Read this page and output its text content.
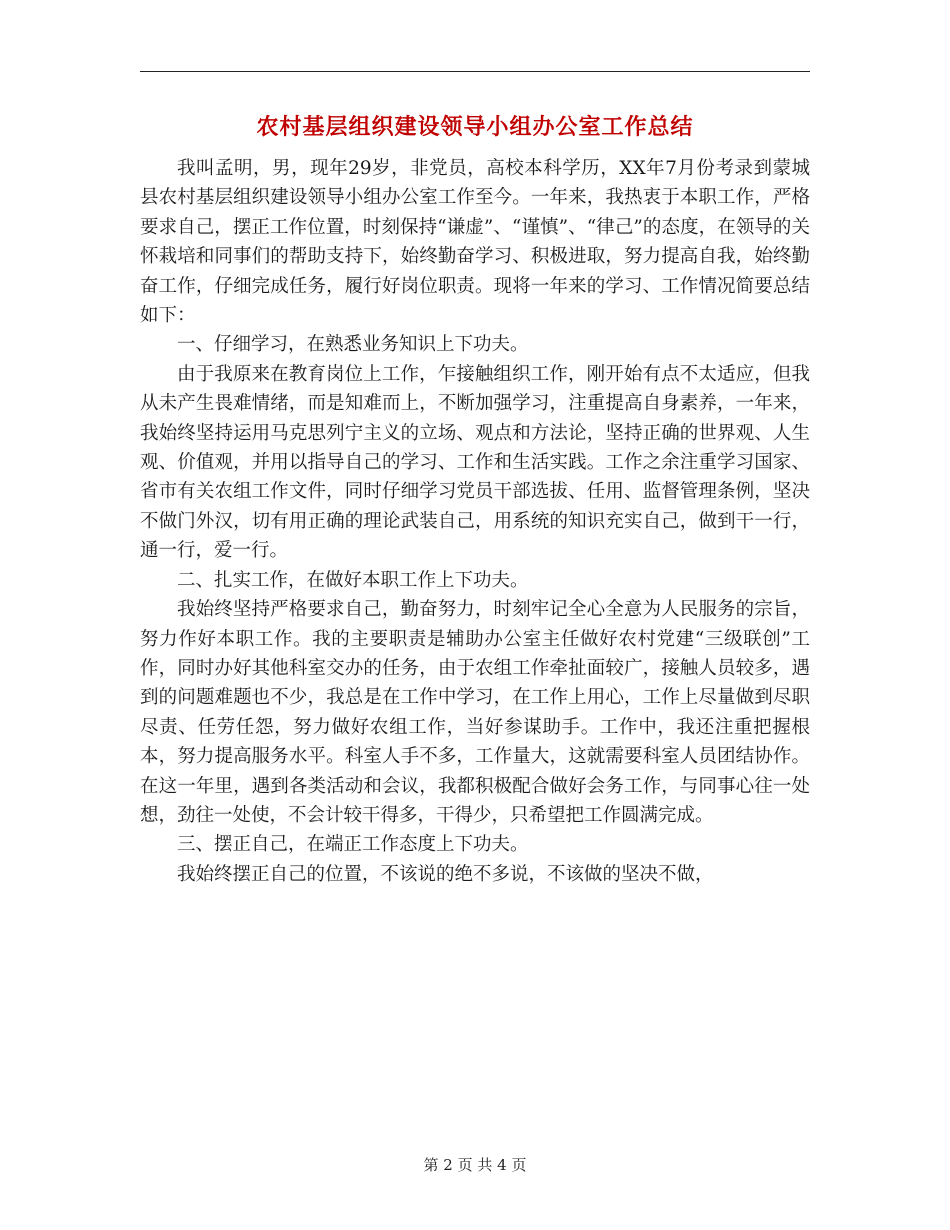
农村基层组织建设领导小组办公室工作总结

我叫孟明，男，现年29岁，非党员，高校本科学历，XX年7月份考录到蒙城县农村基层组织建设领导小组办公室工作至今。一年来，我热衷于本职工作，严格要求自己，摆正工作位置，时刻保持“谦虚”、“谨慎”、“律己”的态度，在领导的关怀栽培和同事们的帮助支持下，始终勤奋学习、积极进取，努力提高自我，始终勤奋工作，仔细完成任务，履行好岗位职责。现将一年来的学习、工作情况简要总结如下：

一、仔细学习，在熟悉业务知识上下功夫。

由于我原来在教育岗位上工作，乍接触组织工作，刚开始有点不太适应，但我从未产生畏难情绪，而是知难而上，不断加强学习，注重提高自身素养，一年来，我始终坚持运用马克思列宁主义的立场、观点和方法论，坚持正确的世界观、人生观、价值观，并用以指导自己的学习、工作和生活实践。工作之余注重学习国家、省市有关农组工作文件，同时仔细学习党员干部选拔、任用、监督管理条例，坚决不做门外汉，切有用正确的理论武装自己，用系统的知识充实自己，做到干一行，通一行，爱一行。

二、扎实工作，在做好本职工作上下功夫。

我始终坚持严格要求自己，勤奋努力，时刻牢记全心全意为人民服务的宗旨，努力作好本职工作。我的主要职责是辅助办公室主任做好农村党建“三级联创”工作，同时办好其他科室交办的任务，由于农组工作牵扯面较广，接触人员较多，遇到的问题难题也不少，我总是在工作中学习，在工作上用心，工作上尽量做到尽职尽责、任劳任怨，努力做好农组工作，当好参谋助手。工作中，我还注重把握根本，努力提高服务水平。科室人手不多，工作量大，这就需要科室人员团结协作。在这一年里，遇到各类活动和会议，我都积极配合做好会务工作，与同事心往一处想，劲往一处使，不会计较干得多，干得少，只希望把工作圆满完成。

三、摆正自己，在端正工作态度上下功夫。

我始终摆正自己的位置，不该说的绝不多说，不该做的坚决不做，

第 2 页 共 4 页
